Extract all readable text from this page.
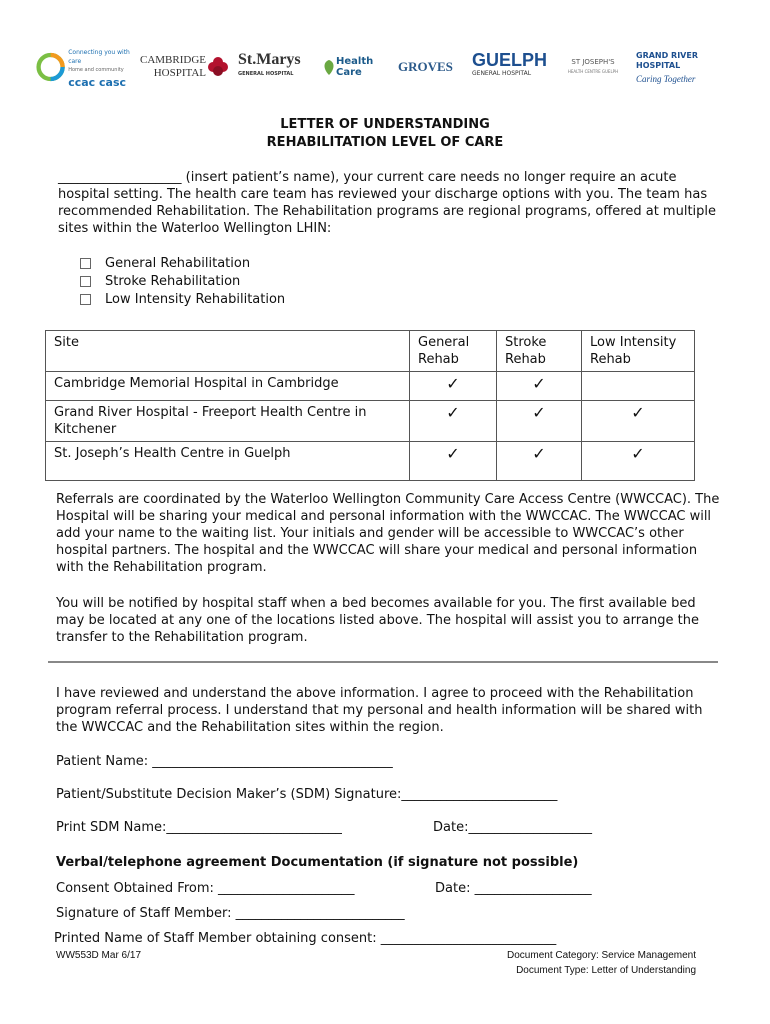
Connecting you with care
Home and community
ccac casc
CAMBRIDGE
HOSPITAL
St.Marys
GENERAL HOSPITAL
Health Care	GROVES GUELPH
GENERAL HOSPITAL
ST JOSEPH'S
HEALTH CENTRE GUELPH
GRAND RIVER HOSPITAL
Caring Together
LETTER OF UNDERSTANDING
REHABILITATION LEVEL OF CARE
___________________ (insert patient’s name), your current care needs no longer require an acute hospital setting. The health care team has reviewed your discharge options with you. The team has recommended Rehabilitation. The Rehabilitation programs are regional programs, offered at multiple sites within the Waterloo Wellington LHIN:
General Rehabilitation
Stroke Rehabilitation
Low Intensity Rehabilitation
Site	General Rehab	Stroke Rehab	Low Intensity Rehab
Cambridge Memorial Hospital in Cambridge	✓	✓	
Grand River Hospital - Freeport Health Centre in Kitchener	✓	✓	✓
St. Joseph’s Health Centre in Guelph	✓	✓	✓
Referrals are coordinated by the Waterloo Wellington Community Care Access Centre (WWCCAC). The Hospital will be sharing your medical and personal information with the WWCCAC. The WWCCAC will add your name to the waiting list. Your initials and gender will be accessible to WWCCAC’s other hospital partners. The hospital and the WWCCAC will share your medical and personal information with the Rehabilitation program.
You will be notified by hospital staff when a bed becomes available for you. The first available bed may be located at any one of the locations listed above. The hospital will assist you to arrange the transfer to the Rehabilitation program.
I have reviewed and understand the above information. I agree to proceed with the Rehabilitation program referral process. I understand that my personal and health information will be shared with the WWCCAC and the Rehabilitation sites within the region.
Patient Name: _____________________________________
Patient/Substitute Decision Maker’s (SDM) Signature:________________________
Print SDM Name:___________________________	Date:___________________
Verbal/telephone agreement Documentation (if signature not possible)
Consent Obtained From: _____________________	Date: __________________
Signature of Staff Member: __________________________
Printed Name of Staff Member obtaining consent: ___________________________
WW553D Mar 6/17	Document Category: Service Management
Document Type: Letter of Understanding
